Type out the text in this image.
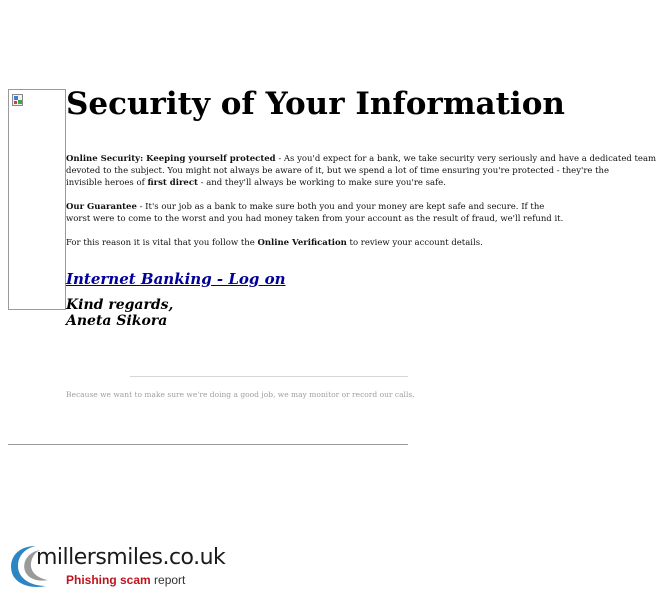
Security of Your Information

Online Security: Keeping yourself protected - As you'd expect for a bank, we take security very seriously and have a dedicated team
devoted to the subject. You might not always be aware of it, but we spend a lot of time ensuring you're protected - they're the
invisible heroes of first direct - and they'll always be working to make sure you're safe.

Our Guarantee - It's our job as a bank to make sure both you and your money are kept safe and secure. If the
worst were to come to the worst and you had money taken from your account as the result of fraud, we'll refund it.

For this reason it is vital that you follow the Online Verification to review your account details.

Internet Banking - Log on
Kind regards,
Aneta Sikora
Because we want to make sure we're doing a good job, we may monitor or record our calls.
millersmiles.co.uk
Phishing scam report
